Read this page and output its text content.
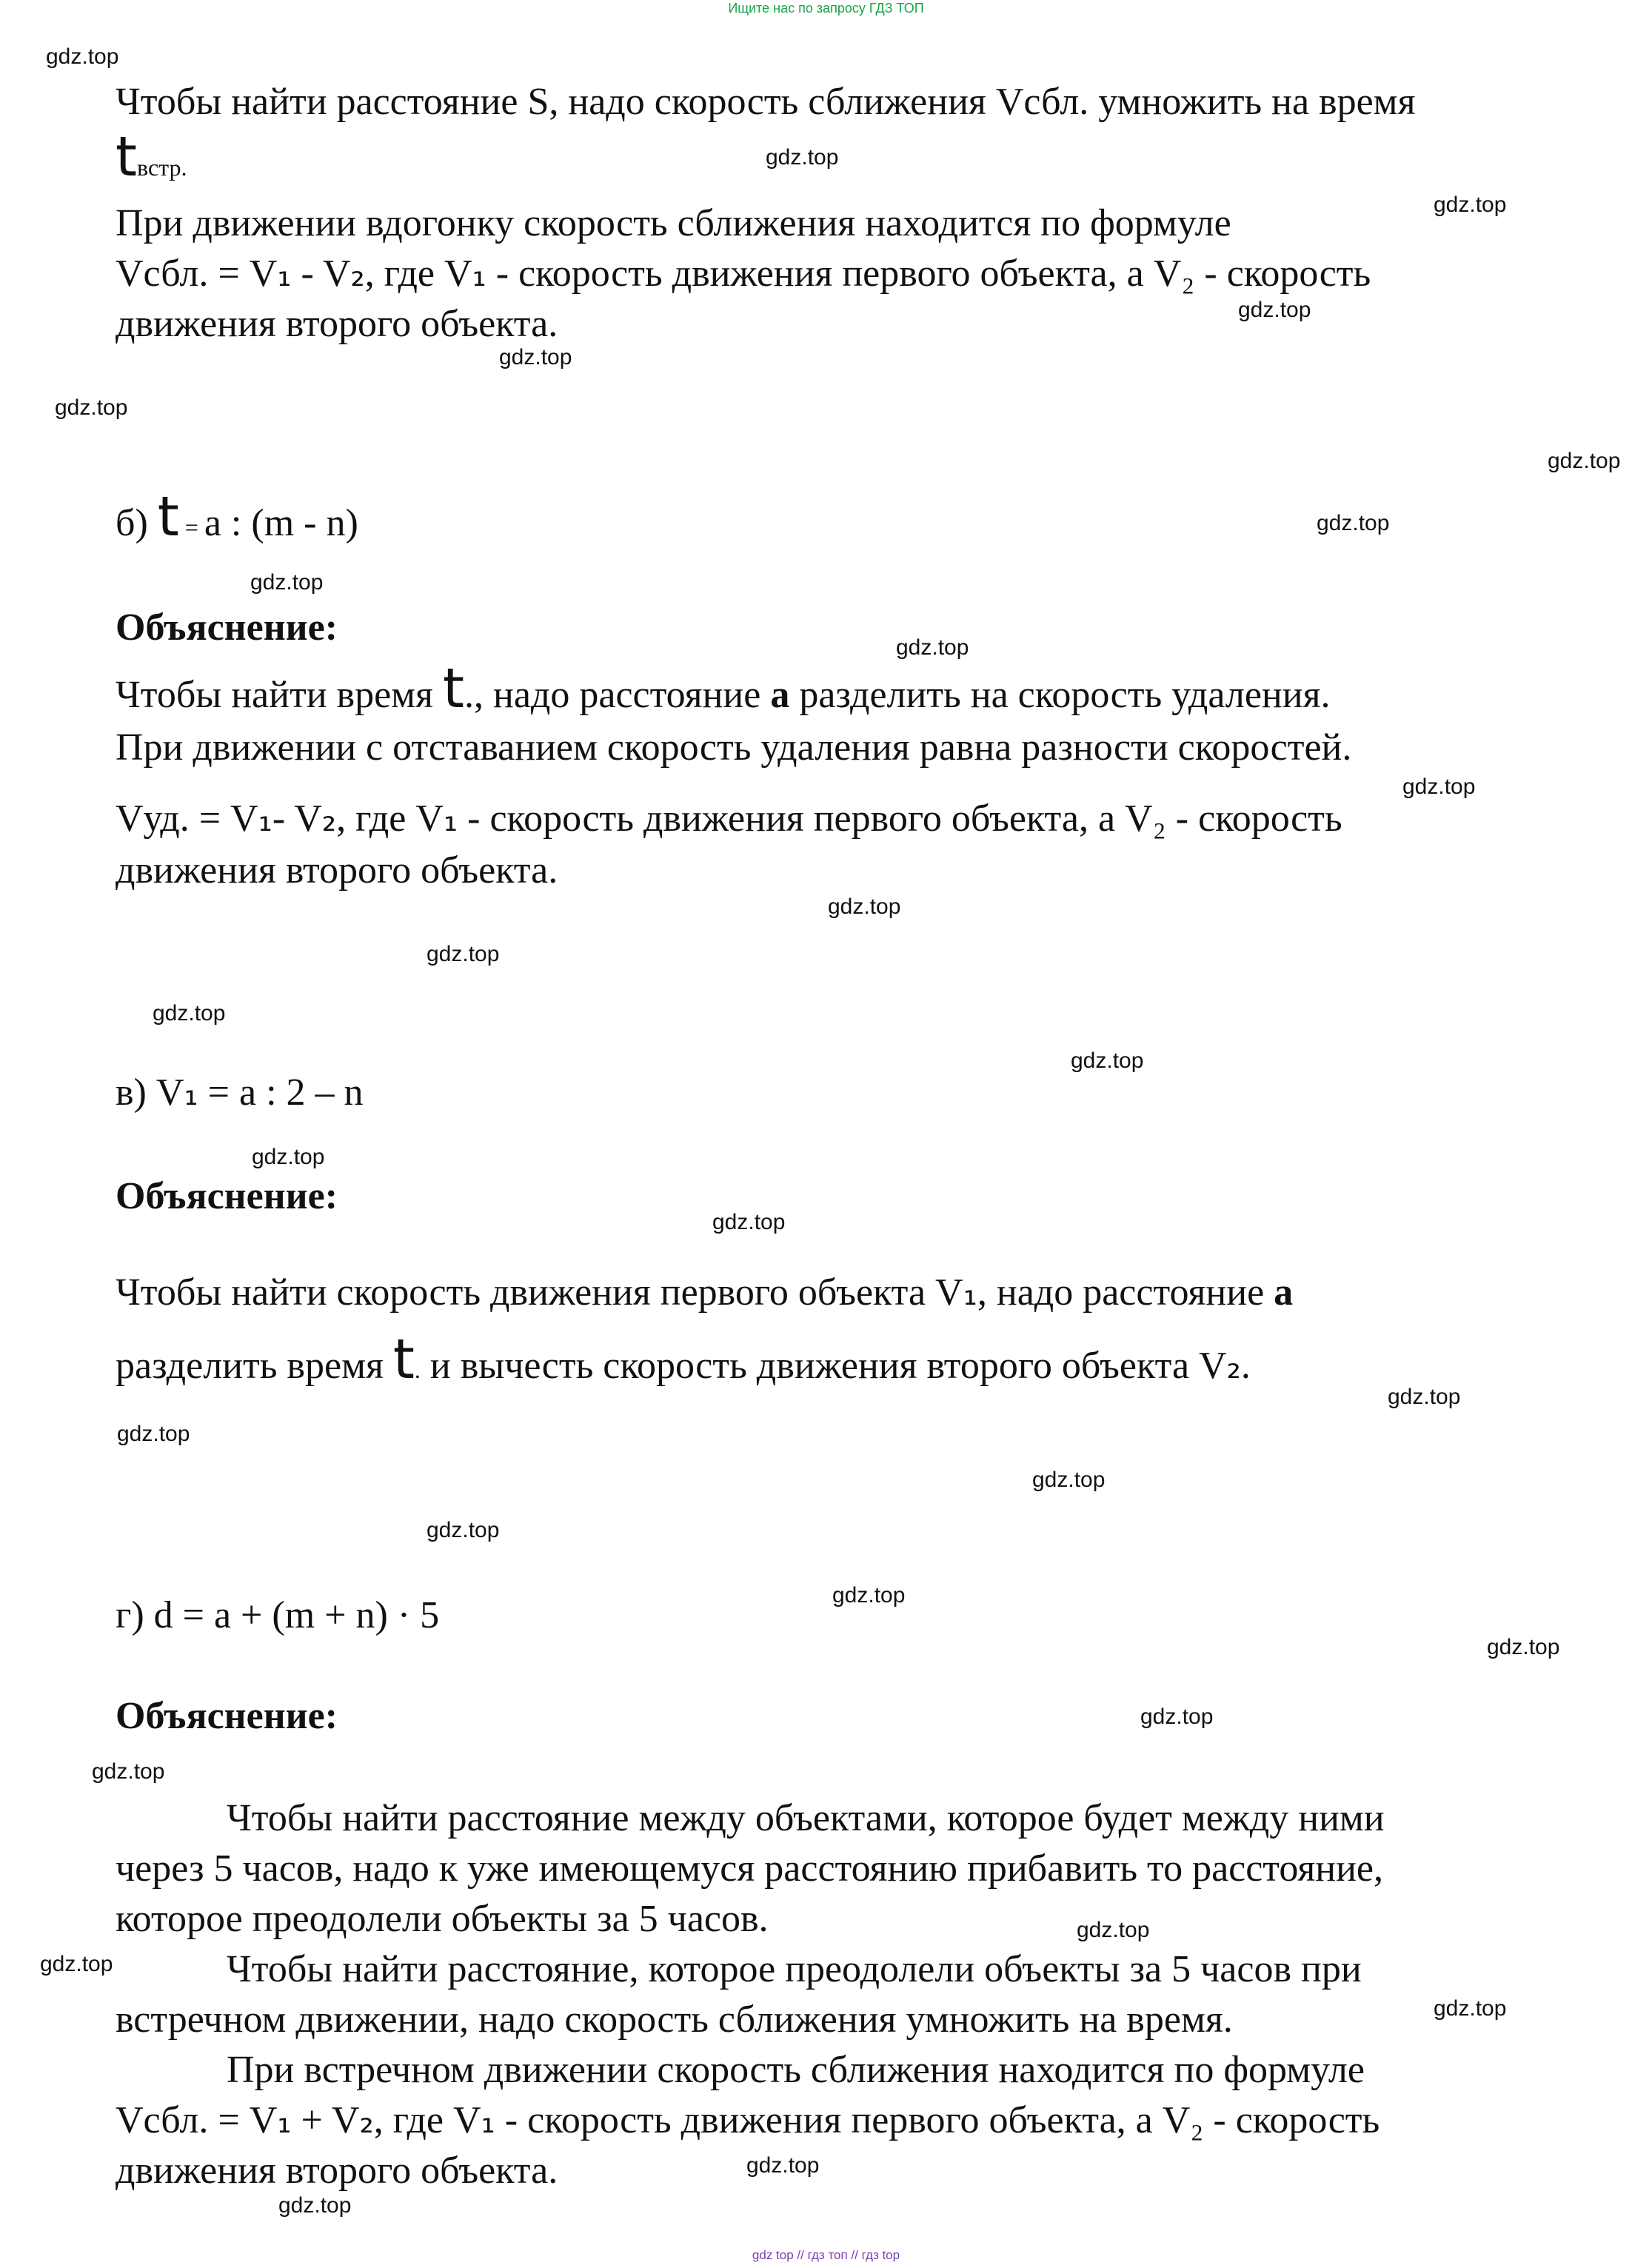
Ищите нас по запросу ГДЗ ТОП
Чтобы найти расстояние S, надо скорость сближения Vсбл. умножить на время
tвстр.
При движении вдогонку скорость сближения находится по формуле
Vсбл. = V₁ - V₂, где V₁ - скорость движения первого объекта, а V₂ - скорость
движения второго объекта.
б) t = a : (m - n)
Объяснение:
Чтобы найти время t., надо расстояние а разделить на скорость удаления.
При движении с отставанием скорость удаления равна разности скоростей.
Vуд. = V₁- V₂, где V₁ - скорость движения первого объекта, а V₂ - скорость
движения второго объекта.
в) V₁ = a : 2 – n
Объяснение:
Чтобы найти скорость движения первого объекта V₁, надо расстояние а
разделить время t. и вычесть скорость движения второго объекта V₂.
г) d = a + (m + n) · 5
Объяснение:
Чтобы найти расстояние между объектами, которое будет между ними
через 5 часов, надо к уже имеющемуся расстоянию прибавить то расстояние,
которое преодолели объекты за 5 часов.
Чтобы найти расстояние, которое преодолели объекты за 5 часов при
встречном движении, надо скорость сближения умножить на время.
При встречном движении скорость сближения находится по формуле
Vсбл. = V₁ + V₂, где V₁ - скорость движения первого объекта, а V₂ - скорость
движения второго объекта.
gdz.top
gdz.top
gdz.top
gdz.top
gdz.top
gdz.top
gdz.top
gdz.top
gdz.top
gdz.top
gdz.top
gdz.top
gdz.top
gdz.top
gdz.top
gdz.top
gdz.top
gdz.top
gdz.top
gdz.top
gdz.top
gdz.top
gdz.top
gdz.top
gdz.top
gdz.top
gdz.top
gdz.top
gdz.top
gdz.top
gdz top // гдз топ // гдз top
